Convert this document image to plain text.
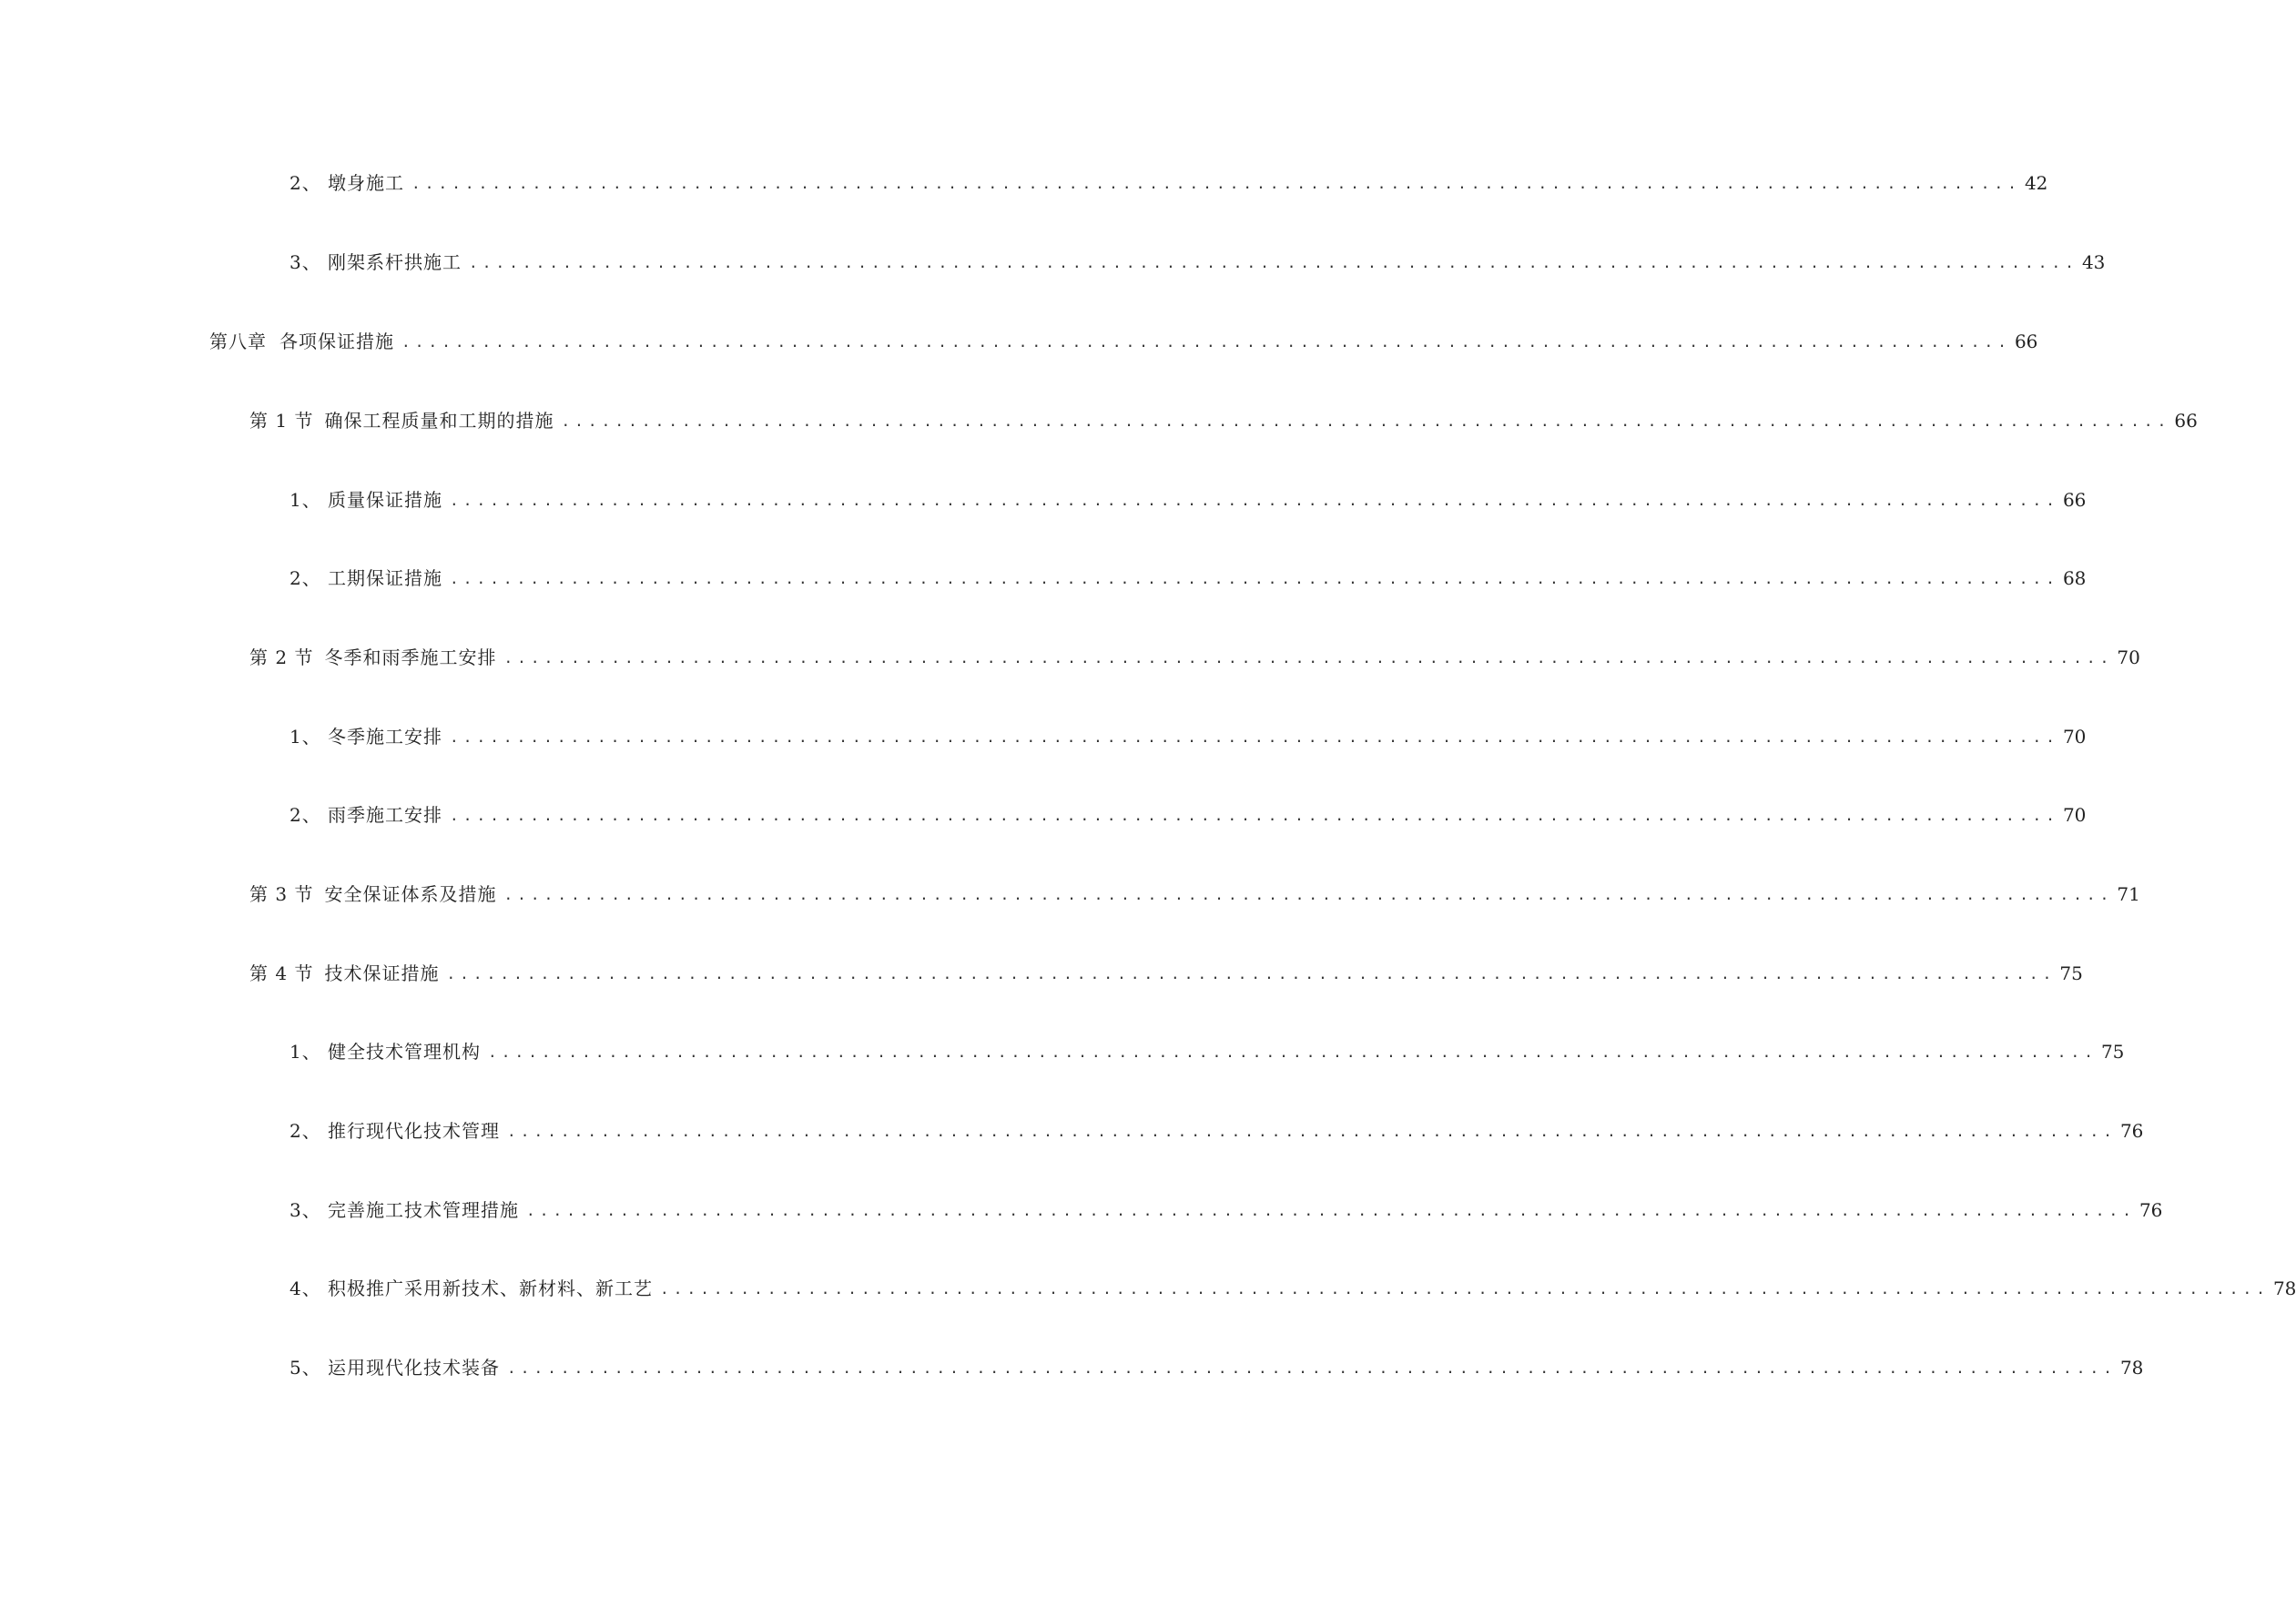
2、 墩身施工 ........................................................................................................................ 42
3、 刚架系杆拱施工 ........................................................................................................................ 43
第八章 各项保证措施 ........................................................................................................................ 66
第 1 节 确保工程质量和工期的措施 ........................................................................................................................ 66
1、 质量保证措施 ........................................................................................................................ 66
2、 工期保证措施 ........................................................................................................................ 68
第 2 节 冬季和雨季施工安排 ........................................................................................................................ 70
1、 冬季施工安排 ........................................................................................................................ 70
2、 雨季施工安排 ........................................................................................................................ 70
第 3 节 安全保证体系及措施 ........................................................................................................................ 71
第 4 节 技术保证措施 ........................................................................................................................ 75
1、 健全技术管理机构 ........................................................................................................................ 75
2、 推行现代化技术管理 ........................................................................................................................ 76
3、 完善施工技术管理措施 ........................................................................................................................ 76
4、 积极推广采用新技术、新材料、新工艺 ........................................................................................................................ 78
5、 运用现代化技术装备 ........................................................................................................................ 78
